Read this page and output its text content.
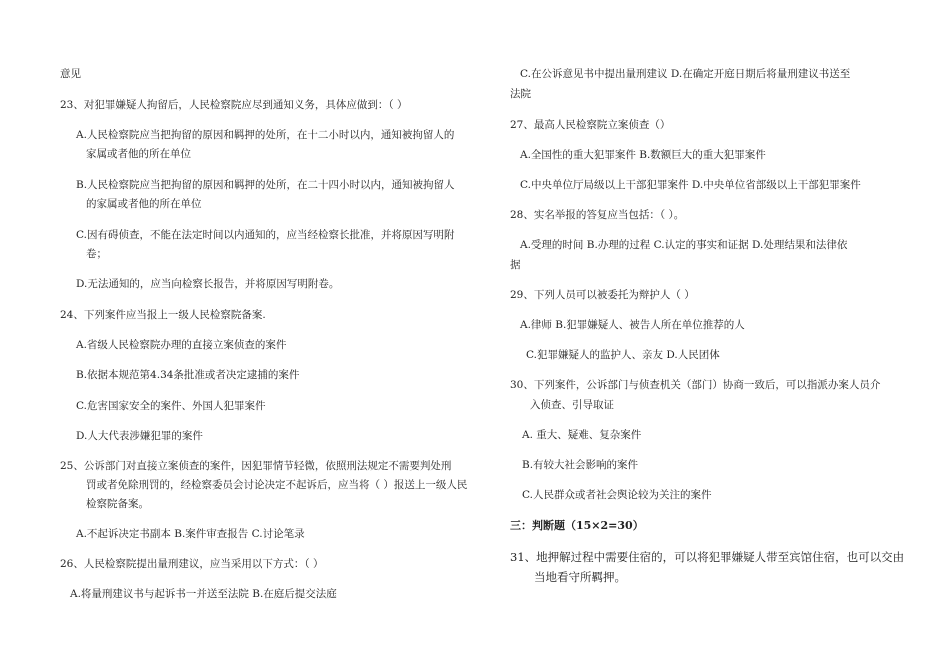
意见
23、对犯罪嫌疑人拘留后，人民检察院应尽到通知义务，具体应做到：（ ）
A.人民检察院应当把拘留的原因和羁押的处所，在十二小时以内，通知被拘留人的
家属或者他的所在单位
B.人民检察院应当把拘留的原因和羁押的处所，在二十四小时以内，通知被拘留人
的家属或者他的所在单位
C.因有碍侦查，不能在法定时间以内通知的，应当经检察长批准，并将原因写明附
卷；
D.无法通知的，应当向检察长报告，并将原因写明附卷。
24、下列案件应当报上一级人民检察院备案.
A.省级人民检察院办理的直接立案侦查的案件
B.依据本规范第4.34条批准或者决定逮捕的案件
C.危害国家安全的案件、外国人犯罪案件
D.人大代表涉嫌犯罪的案件
25、公诉部门对直接立案侦查的案件，因犯罪情节轻微，依照刑法规定不需要判处刑
罚或者免除刑罚的，经检察委员会讨论决定不起诉后，应当将（ ）报送上一级人民
检察院备案。
A.不起诉决定书副本 B.案件审查报告 C.讨论笔录
26、人民检察院提出量刑建议，应当采用以下方式：（ ）
A.将量刑建议书与起诉书一并送至法院 B.在庭后提交法庭
C.在公诉意见书中提出量刑建议 D.在确定开庭日期后将量刑建议书送至
法院
27、最高人民检察院立案侦查（）
A.全国性的重大犯罪案件 B.数额巨大的重大犯罪案件
C.中央单位厅局级以上干部犯罪案件 D.中央单位省部级以上干部犯罪案件
28、实名举报的答复应当包括：（ ）。
A.受理的时间 B.办理的过程 C.认定的事实和证据 D.处理结果和法律依
据
29、下列人员可以被委托为辩护人（ ）
A.律师 B.犯罪嫌疑人、被告人所在单位推荐的人
C.犯罪嫌疑人的监护人、亲友 D.人民团体
30、下列案件，公诉部门与侦查机关（部门）协商一致后，可以指派办案人员介
入侦查、引导取证
A. 重大、疑难、复杂案件
B.有较大社会影响的案件
C.人民群众或者社会舆论较为关注的案件
三：判断题（15×2=30）
31、地押解过程中需要住宿的，可以将犯罪嫌疑人带至宾馆住宿，也可以交由
当地看守所羁押。
